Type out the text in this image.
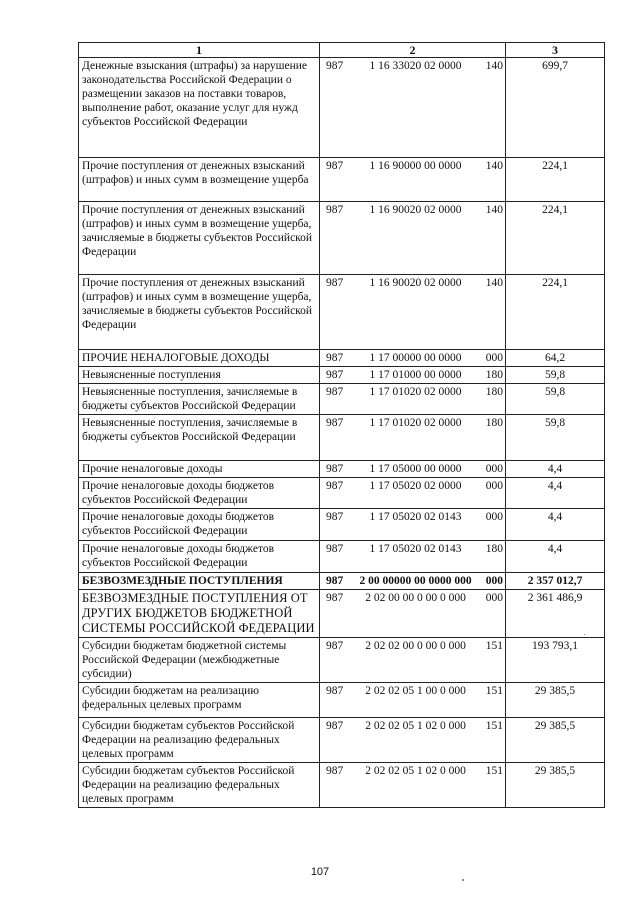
1	2	3
Денежные взыскания (штрафы) за нарушение законодательства Российской Федерации о размещении заказов на поставки товаров, выполнение работ, оказание услуг для нужд субъектов Российской Федерации	987 1 16 33020 02 0000 140	699,7
Прочие поступления от денежных взысканий (штрафов) и иных сумм в возмещение ущерба	987 1 16 90000 00 0000 140	224,1
Прочие поступления от денежных взысканий (штрафов) и иных сумм в возмещение ущерба, зачисляемые в бюджеты субъектов Российской Федерации	987 1 16 90020 02 0000 140	224,1
Прочие поступления от денежных взысканий (штрафов) и иных сумм в возмещение ущерба, зачисляемые в бюджеты субъектов Российской Федерации	987 1 16 90020 02 0000 140	224,1
ПРОЧИЕ НЕНАЛОГОВЫЕ ДОХОДЫ	987 1 17 00000 00 0000 000	64,2
Невыясненные поступления	987 1 17 01000 00 0000 180	59,8
Невыясненные поступления, зачисляемые в бюджеты субъектов Российской Федерации	987 1 17 01020 02 0000 180	59,8
Невыясненные поступления, зачисляемые в бюджеты субъектов Российской Федерации	987 1 17 01020 02 0000 180	59,8
Прочие неналоговые доходы	987 1 17 05000 00 0000 000	4,4
Прочие неналоговые доходы бюджетов субъектов Российской Федерации	987 1 17 05020 02 0000 000	4,4
Прочие неналоговые доходы бюджетов субъектов Российской Федерации	987 1 17 05020 02 0143 000	4,4
Прочие неналоговые доходы бюджетов субъектов Российской Федерации	987 1 17 05020 02 0143 180	4,4
БЕЗВОЗМЕЗДНЫЕ ПОСТУПЛЕНИЯ	987 2 00 00000 00 0000 000 000	2 357 012,7
БЕЗВОЗМЕЗДНЫЕ ПОСТУПЛЕНИЯ ОТ ДРУГИХ БЮДЖЕТОВ БЮДЖЕТНОЙ СИСТЕМЫ РОССИЙСКОЙ ФЕДЕРАЦИИ	987 2 02 00 00 0 00 0 000 000	2 361 486,9
Субсидии бюджетам бюджетной системы Российской Федерации (межбюджетные субсидии)	987 2 02 02 00 0 00 0 000 151	193 793,1
Субсидии бюджетам на реализацию федеральных целевых программ	987 2 02 02 05 1 00 0 000 151	29 385,5
Субсидии бюджетам субъектов Российской Федерации на реализацию федеральных целевых программ	987 2 02 02 05 1 02 0 000 151	29 385,5
Субсидии бюджетам субъектов Российской Федерации на реализацию федеральных целевых программ	987 2 02 02 05 1 02 0 000 151	29 385,5
107
